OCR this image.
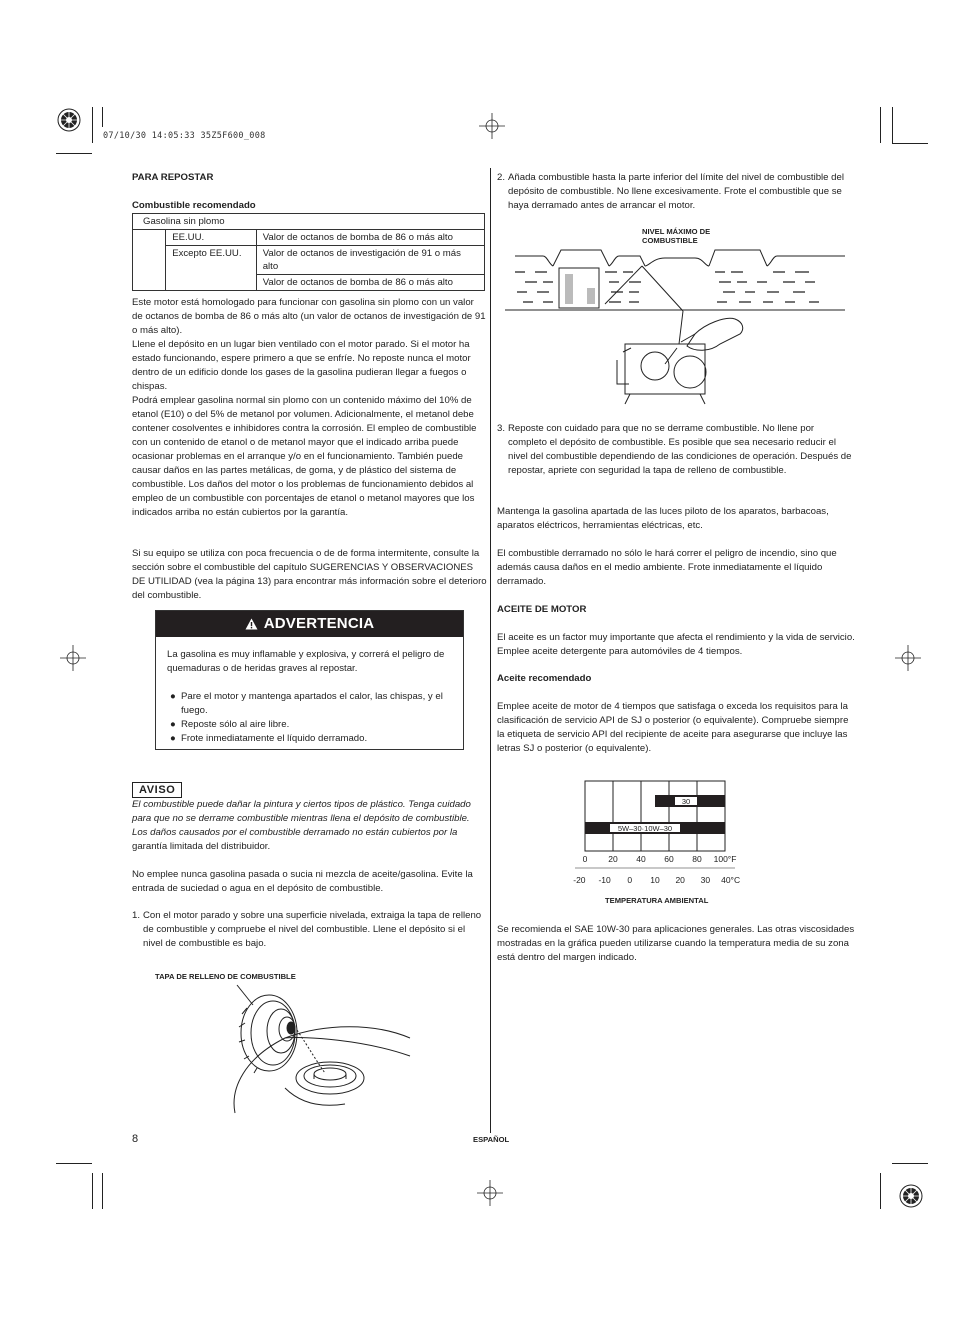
07/10/30 14:05:33 35Z5F600_008
PARA REPOSTAR
Combustible recomendado
Gasolina sin plomo		
	EE.UU.	Valor de octanos de bomba de 86 o más alto
	Excepto EE.UU.	Valor de octanos de investigación de 91 o más alto
		Valor de octanos de bomba de 86 o más alto
Este motor está homologado para funcionar con gasolina sin plomo con un valor de octanos de bomba de 86 o más alto (un valor de octanos de investigación de 91 o más alto).
Llene el depósito en un lugar bien ventilado con el motor parado. Si el motor ha estado funcionando, espere primero a que se enfríe. No reposte nunca el motor dentro de un edificio donde los gases de la gasolina pudieran llegar a fuegos o chispas.
Podrá emplear gasolina normal sin plomo con un contenido máximo del 10% de etanol (E10) o del 5% de metanol por volumen. Adicionalmente, el metanol debe contener cosolventes e inhibidores contra la corrosión. El empleo de combustible con un contenido de etanol o de metanol mayor que el indicado arriba puede ocasionar problemas en el arranque y/o en el funcionamiento. También puede causar daños en las partes metálicas, de goma, y de plástico del sistema de combustible. Los daños del motor o los problemas de funcionamiento debidos al empleo de un combustible con porcentajes de etanol o metanol mayores que los indicados arriba no están cubiertos por la garantía.
Si su equipo se utiliza con poca frecuencia o de de forma intermitente, consulte la sección sobre el combustible del capítulo SUGERENCIAS Y OBSERVACIONES DE UTILIDAD (vea la página 13) para encontrar más información sobre el deterioro del combustible.
ADVERTENCIA
La gasolina es muy inflamable y explosiva, y correrá el peligro de quemaduras o de heridas graves al repostar.
● Pare el motor y mantenga apartados el calor, las chispas, y el fuego.
● Reposte sólo al aire libre.
● Frote inmediatamente el líquido derramado.
AVISO
El combustible puede dañar la pintura y ciertos tipos de plástico. Tenga cuidado para que no se derrame combustible mientras llena el depósito de combustible. Los daños causados por el combustible derramado no están cubiertos por la garantía limitada del distribuidor.
No emplee nunca gasolina pasada o sucia ni mezcla de aceite/gasolina. Evite la entrada de suciedad o agua en el depósito de combustible.
1. Con el motor parado y sobre una superficie nivelada, extraiga la tapa de relleno de combustible y compruebe el nivel del combustible. Llene el depósito si el nivel de combustible es bajo.
TAPA DE RELLENO DE COMBUSTIBLE
8	ESPAÑOL
2. Añada combustible hasta la parte inferior del límite del nivel de combustible del depósito de combustible. No llene excesivamente. Frote el combustible que se haya derramado antes de arrancar el motor.
NIVEL MÁXIMO DE
COMBUSTIBLE
3. Reposte con cuidado para que no se derrame combustible. No llene por completo el depósito de combustible. Es posible que sea necesario reducir el nivel del combustible dependiendo de las condiciones de operación. Después de repostar, apriete con seguridad la tapa de relleno de combustible.
Mantenga la gasolina apartada de las luces piloto de los aparatos, barbacoas, aparatos eléctricos, herramientas eléctricas, etc.
El combustible derramado no sólo le hará correr el peligro de incendio, sino que además causa daños en el medio ambiente. Frote inmediatamente el líquido derramado.
ACEITE DE MOTOR
El aceite es un factor muy importante que afecta el rendimiento y la vida de servicio. Emplee aceite detergente para automóviles de 4 tiempos.
Aceite recomendado
Emplee aceite de motor de 4 tiempos que satisfaga o exceda los requisitos para la clasificación de servicio API de SJ o posterior (o equivalente). Compruebe siempre la etiqueta de servicio API del recipiente de aceite para asegurarse que incluye las letras SJ o posterior (o equivalente).
30
5W–30·10W–30
0 20 40 60 80 100°F
-20 -10 0 10 20 30 40°C
TEMPERATURA AMBIENTAL
Se recomienda el SAE 10W-30 para aplicaciones generales. Las otras viscosidades mostradas en la gráfica pueden utilizarse cuando la temperatura media de su zona está dentro del margen indicado.
